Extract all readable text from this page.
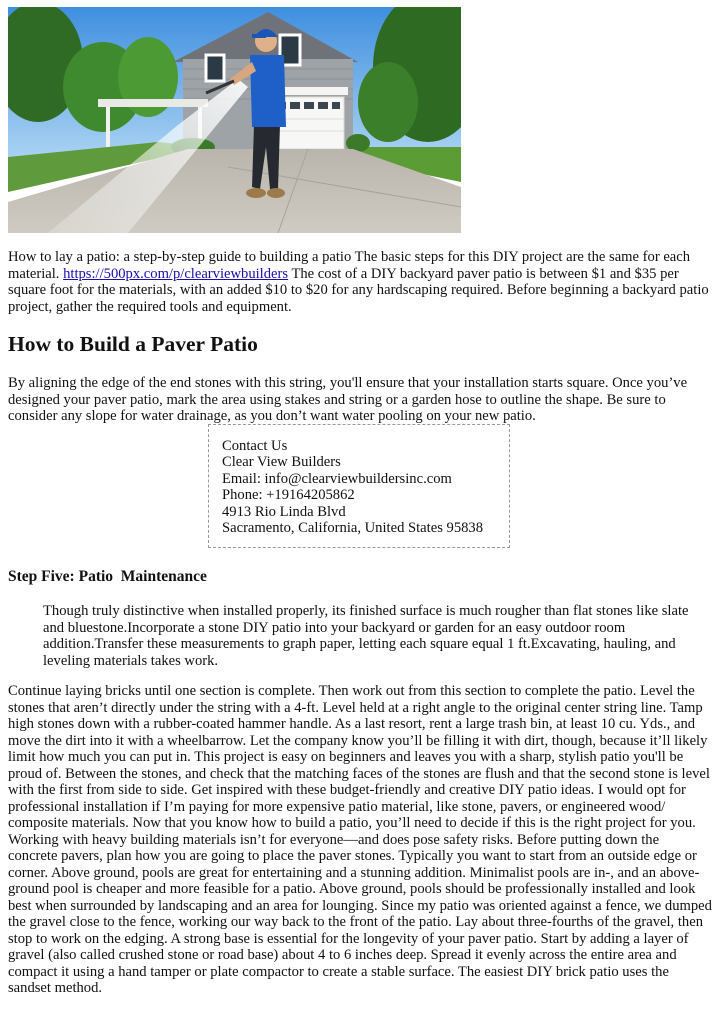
How to lay a patio: a step-by-step guide to building a patio The basic steps for this DIY project are the same for each material. https://500px.com/p/clearviewbuilders The cost of a DIY backyard paver patio is between $1 and $35 per square foot for the materials, with an added $10 to $20 for any hardscaping required. Before beginning a backyard patio project, gather the required tools and equipment.

How to Build a Paver Patio

By aligning the edge of the end stones with this string, you'll ensure that your installation starts square. Once you’ve designed your paver patio, mark the area using stakes and string or a garden hose to outline the shape. Be sure to consider any slope for water drainage, as you don’t want water pooling on your new patio.

Contact Us
Clear View Builders
Email: info@clearviewbuildersinc.com
Phone: +19164205862
4913 Rio Linda Blvd
Sacramento, California, United States 95838
Step Five: Patio  Maintenance
Though truly distinctive when installed properly, its finished surface is much rougher than flat stones like slate and bluestone.Incorporate a stone DIY patio into your backyard or garden for an easy outdoor room addition.Transfer these measurements to graph paper, letting each square equal 1 ft.Excavating, hauling, and leveling materials takes work.

Continue laying bricks until one section is complete. Then work out from this section to complete the patio. Level the stones that aren’t directly under the string with a 4-ft. Level held at a right angle to the original center string line. Tamp high stones down with a rubber-coated hammer handle. As a last resort, rent a large trash bin, at least 10 cu. Yds., and move the dirt into it with a wheelbarrow. Let the company know you’ll be filling it with dirt, though, because it’ll likely limit how much you can put in. This project is easy on beginners and leaves you with a sharp, stylish patio you'll be proud of. Between the stones, and check that the matching faces of the stones are flush and that the second stone is level with the first from side to side. Get inspired with these budget-friendly and creative DIY patio ideas. I would opt for professional installation if I’m paying for more expensive patio material, like stone, pavers, or engineered wood/ composite materials. Now that you know how to build a patio, you’ll need to decide if this is the right project for you. Working with heavy building materials isn’t for everyone—and does pose safety risks. Before putting down the concrete pavers, plan how you are going to place the paver stones. Typically you want to start from an outside edge or corner. Above ground, pools are great for entertaining and a stunning addition. Minimalist pools are in-, and an above-ground pool is cheaper and more feasible for a patio. Above ground, pools should be professionally installed and look best when surrounded by landscaping and an area for lounging. Since my patio was oriented against a fence, we dumped the gravel close to the fence, working our way back to the front of the patio. Lay about three-fourths of the gravel, then stop to work on the edging. A strong base is essential for the longevity of your paver patio. Start by adding a layer of gravel (also called crushed stone or road base) about 4 to 6 inches deep. Spread it evenly across the entire area and compact it using a hand tamper or plate compactor to create a stable surface. The easiest DIY brick patio uses the sandset method.
